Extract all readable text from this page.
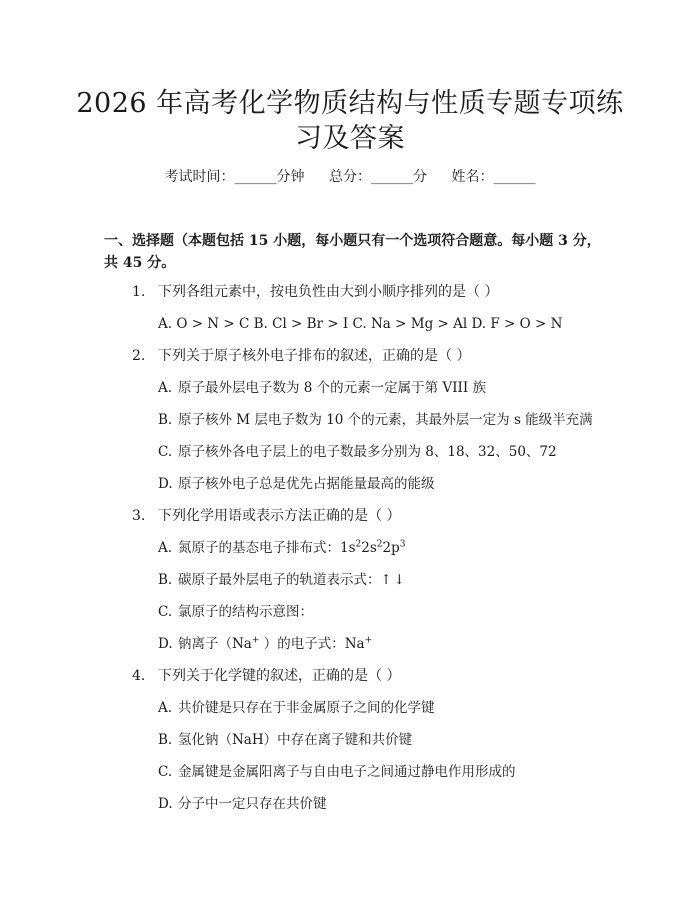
2026 年高考化学物质结构与性质专题专项练
习及答案
考试时间：______分钟 总分：______分 姓名：______
一、选择题（本题包括 15 小题，每小题只有一个选项符合题意。每小题 3 分，共 45 分。
1. 下列各组元素中，按电负性由大到小顺序排列的是（ ）
A. O > N > C B. Cl > Br > I C. Na > Mg > Al D. F > O > N
2. 下列关于原子核外电子排布的叙述，正确的是（ ）
A. 原子最外层电子数为 8 个的元素一定属于第 VIII 族
B. 原子核外 M 层电子数为 10 个的元素，其最外层一定为 s 能级半充满
C. 原子核外各电子层上的电子数最多分别为 8、18、32、50、72
D. 原子核外电子总是优先占据能量最高的能级
3. 下列化学用语或表示方法正确的是（ ）
A. 氮原子的基态电子排布式：$1s^22s^22p^3$
B. 碳原子最外层电子的轨道表示式：↑↓
C. 氯原子的结构示意图：
D. 钠离子（Na+ ）的电子式：Na+
4. 下列关于化学键的叙述，正确的是（ ）
A. 共价键是只存在于非金属原子之间的化学键
B. 氢化钠（NaH）中存在离子键和共价键
C. 金属键是金属阳离子与自由电子之间通过静电作用形成的
D. 分子中一定只存在共价键
